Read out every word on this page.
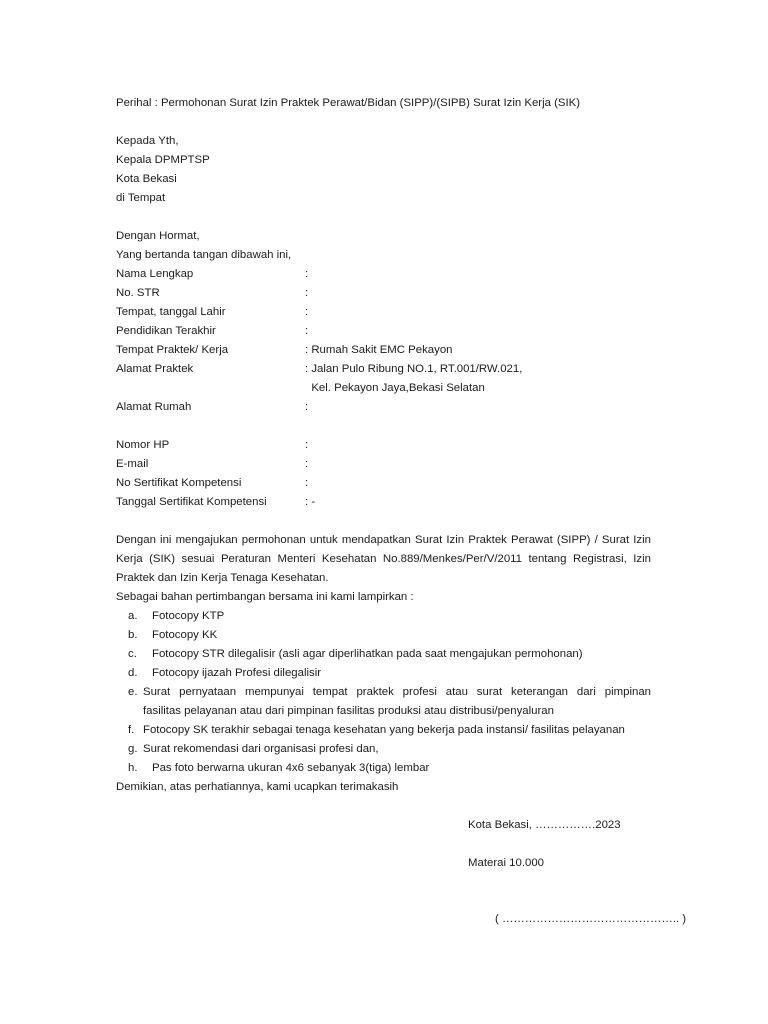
Perihal : Permohonan Surat Izin Praktek Perawat/Bidan (SIPP)/(SIPB) Surat Izin Kerja (SIK)
Kepada Yth,
Kepala DPMPTSP
Kota Bekasi
di Tempat
Dengan Hormat,
Yang bertanda tangan dibawah ini,
Nama Lengkap	:
No. STR	:
Tempat, tanggal Lahir	:
Pendidikan Terakhir	:
Tempat Praktek/ Kerja	: Rumah Sakit EMC Pekayon
Alamat Praktek	: Jalan Pulo Ribung NO.1, RT.001/RW.021,
Kel. Pekayon Jaya,Bekasi Selatan
Alamat Rumah	:
Nomor HP	:
E-mail	:
No Sertifikat Kompetensi	:
Tanggal Sertifikat Kompetensi	: -
Dengan ini mengajukan permohonan untuk mendapatkan Surat Izin Praktek Perawat (SIPP) / Surat Izin
Kerja (SIK) sesuai Peraturan Menteri Kesehatan No.889/Menkes/Per/V/2011 tentang Registrasi, Izin
Praktek dan Izin Kerja Tenaga Kesehatan.
Sebagai bahan pertimbangan bersama ini kami lampirkan :
a. Fotocopy KTP
b. Fotocopy KK
c. Fotocopy STR dilegalisir (asli agar diperlihatkan pada saat mengajukan permohonan)
d. Fotocopy ijazah Profesi dilegalisir
e. Surat pernyataan mempunyai tempat praktek profesi atau surat keterangan dari pimpinan
fasilitas pelayanan atau dari pimpinan fasilitas produksi atau distribusi/penyaluran
f. Fotocopy SK terakhir sebagai tenaga kesehatan yang bekerja pada instansi/ fasilitas pelayanan
g. Surat rekomendasi dari organisasi profesi dan,
h. Pas foto berwarna ukuran 4x6 sebanyak 3(tiga) lembar
Demikian, atas perhatiannya, kami ucapkan terimakasih
Kota Bekasi, …………….2023
Materai 10.000
( ……………………………………….. )
